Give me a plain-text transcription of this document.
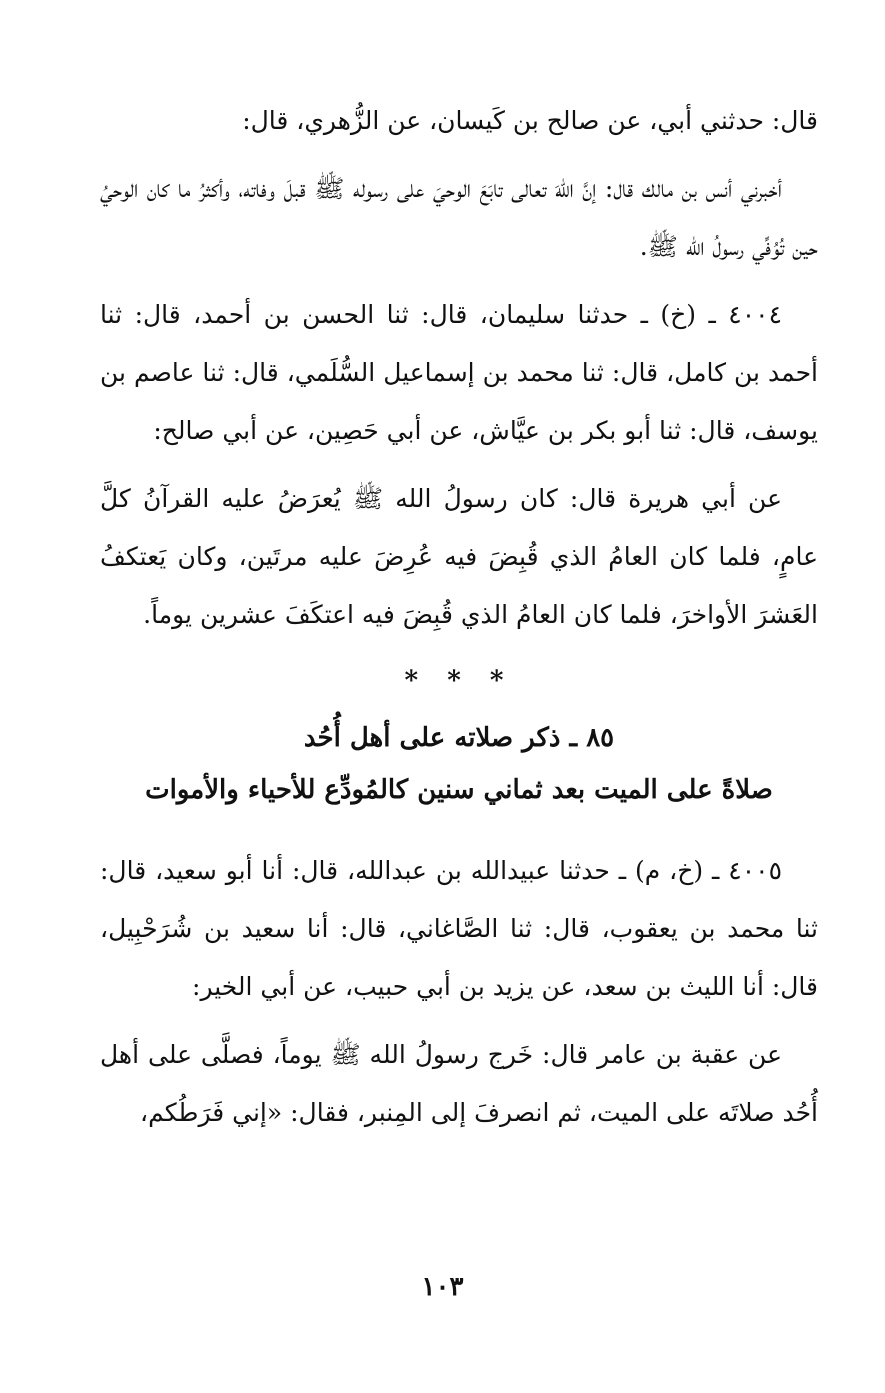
قال: حدثني أبي، عن صالح بن كَيسان، عن الزُّهري، قال:

أخبرني أنس بن مالك قال: إنَّ اللهَ تعالى تابَعَ الوحيَ على رسوله ﷺ قبلَ وفاته، وأكثرُ ما كان الوحيُ حين تُوُفِّي رسولُ الله ﷺ.

٤٠٠٤ ـ (خ) ـ حدثنا سليمان، قال: ثنا الحسن بن أحمد، قال: ثنا أحمد بن كامل، قال: ثنا محمد بن إسماعيل السُّلَمي، قال: ثنا عاصم بن يوسف، قال: ثنا أبو بكر بن عيَّاش، عن أبي حَصِين، عن أبي صالح:

عن أبي هريرة قال: كان رسولُ الله ﷺ يُعرَضُ عليه القرآنُ كلَّ عامٍ، فلما كان العامُ الذي قُبِضَ فيه عُرِضَ عليه مرتَين، وكان يَعتكفُ العَشرَ الأواخرَ، فلما كان العامُ الذي قُبِضَ فيه اعتكَفَ عشرين يوماً.

* * *
٨٥ ـ ذكر صلاته على أهل أُحُد
صلاةً على الميت بعد ثماني سنين كالمُودِّع للأحياء والأموات

٤٠٠٥ ـ (خ، م) ـ حدثنا عبيدالله بن عبدالله، قال: أنا أبو سعيد، قال: ثنا محمد بن يعقوب، قال: ثنا الصَّاغاني، قال: أنا سعيد بن شُرَحْبِيل، قال: أنا الليث بن سعد، عن يزيد بن أبي حبيب، عن أبي الخير:

عن عقبة بن عامر قال: خَرج رسولُ الله ﷺ يوماً، فصلَّى على أهل أُحُد صلاتَه على الميت، ثم انصرفَ إلى المِنبر، فقال: «إني فَرَطُكم،

١٠٣
